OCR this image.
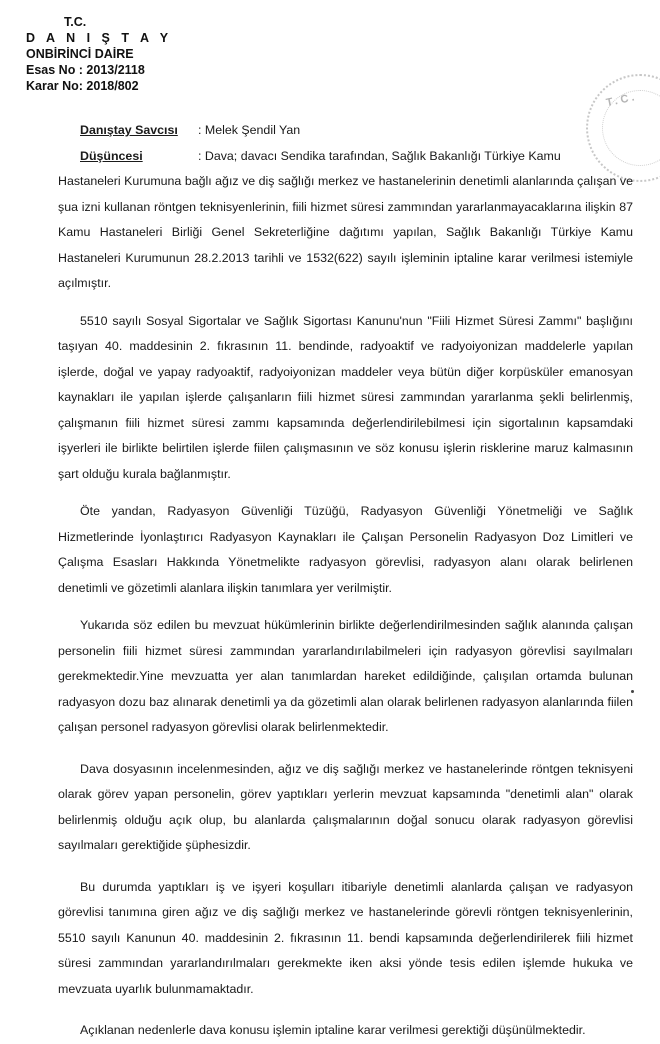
T.C.
D A N I Ş T A Y
ONBİRİNCİ DAİRE
Esas No : 2013/2118
Karar No: 2018/802
T.C.
Danıştay Savcısı : Melek Şendil Yan
Düşüncesi	: Dava; davacı Sendika tarafından, Sağlık Bakanlığı Türkiye Kamu

Hastaneleri Kurumuna bağlı ağız ve diş sağlığı merkez ve hastanelerinin denetimli alanlarında çalışan ve şua izni kullanan röntgen teknisyenlerinin, fiili hizmet süresi zammından yararlanmayacaklarına ilişkin 87 Kamu Hastaneleri Birliği Genel Sekreterliğine dağıtımı yapılan, Sağlık Bakanlığı Türkiye Kamu Hastaneleri Kurumunun 28.2.2013 tarihli ve 1532(622) sayılı işleminin iptaline karar verilmesi istemiyle açılmıştır.

5510 sayılı Sosyal Sigortalar ve Sağlık Sigortası Kanunu'nun "Fiili Hizmet Süresi Zammı" başlığını taşıyan 40. maddesinin 2. fıkrasının 11. bendinde, radyoaktif ve radyoiyonizan maddelerle yapılan işlerde, doğal ve yapay radyoaktif, radyoiyonizan maddeler veya bütün diğer korpüsküler emanosyan kaynakları ile yapılan işlerde çalışanların fiili hizmet süresi zammından yararlanma şekli belirlenmiş, çalışmanın fiili hizmet süresi zammı kapsamında değerlendirilebilmesi için sigortalının kapsamdaki işyerleri ile birlikte belirtilen işlerde fiilen çalışmasının ve söz konusu işlerin risklerine maruz kalmasının şart olduğu kurala bağlanmıştır.

Öte yandan, Radyasyon Güvenliği Tüzüğü, Radyasyon Güvenliği Yönetmeliği ve Sağlık Hizmetlerinde İyonlaştırıcı Radyasyon Kaynakları ile Çalışan Personelin Radyasyon Doz Limitleri ve Çalışma Esasları Hakkında Yönetmelikte radyasyon görevlisi, radyasyon alanı olarak belirlenen denetimli ve gözetimli alanlara ilişkin tanımlara yer verilmiştir.

Yukarıda söz edilen bu mevzuat hükümlerinin birlikte değerlendirilmesinden sağlık alanında çalışan personelin fiili hizmet süresi zammından yararlandırılabilmeleri için radyasyon görevlisi sayılmaları gerekmektedir.Yine mevzuatta yer alan tanımlardan hareket edildiğinde, çalışılan ortamda bulunan radyasyon dozu baz alınarak denetimli ya da gözetimli alan olarak belirlenen radyasyon alanlarında fiilen çalışan personel radyasyon görevlisi olarak belirlenmektedir.

Dava dosyasının incelenmesinden, ağız ve diş sağlığı merkez ve hastanelerinde röntgen teknisyeni olarak görev yapan personelin, görev yaptıkları yerlerin mevzuat kapsamında "denetimli alan" olarak belirlenmiş olduğu açık olup, bu alanlarda çalışmalarının doğal sonucu olarak radyasyon görevlisi sayılmaları gerektiğide şüphesizdir.

Bu durumda yaptıkları iş ve işyeri koşulları itibariyle denetimli alanlarda çalışan ve radyasyon görevlisi tanımına giren ağız ve diş sağlığı merkez ve hastanelerinde görevli röntgen teknisyenlerinin, 5510 sayılı Kanunun 40. maddesinin 2. fıkrasının 11. bendi kapsamında değerlendirilerek fiili hizmet süresi zammından yararlandırılmaları gerekmekte iken aksi yönde tesis edilen işlemde hukuka ve mevzuata uyarlık bulunmamaktadır.

Açıklanan nedenlerle dava konusu işlemin iptaline karar verilmesi gerektiği düşünülmektedir.
